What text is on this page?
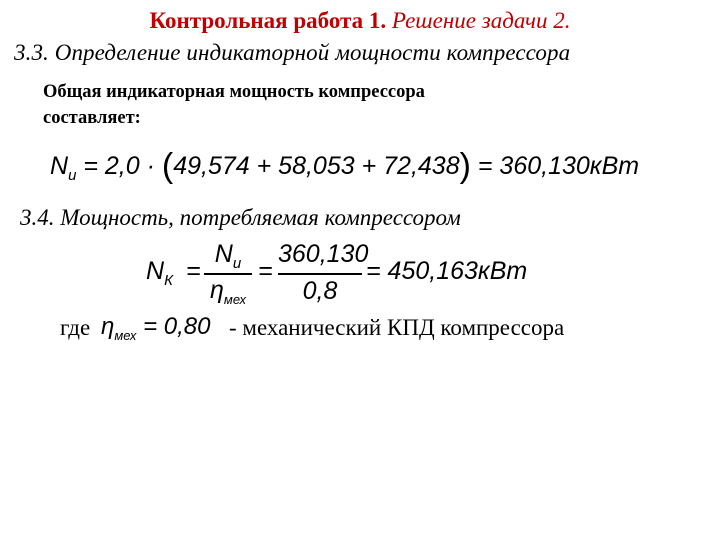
Контрольная работа 1. Решение задачи 2.
3.3. Определение индикаторной мощности компрессора
Общая индикаторная мощность компрессора
составляет:
$N_и = 2,0 \cdot (49,574 + 58,053 + 72,438) = 360,130кВт$
3.4. Мощность, потребляемая компрессором
$N_К$ =
$N_и$
$\eta_{мех}$
=
360,130
0,8
= 450,163кВт
где $\eta_{мех} = 0,80$ - механический КПД компрессора
